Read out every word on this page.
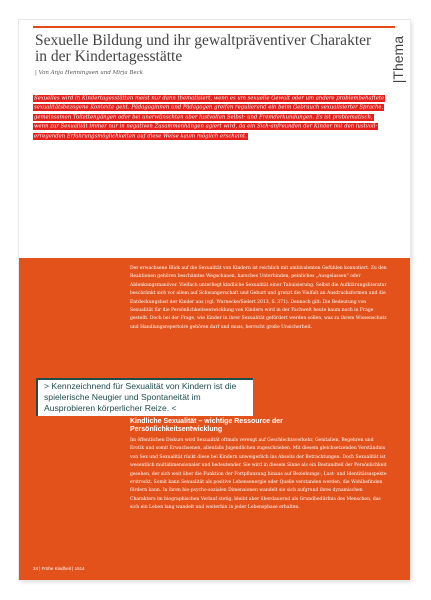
Sexuelle Bildung und ihr gewaltpräventiver Charakter in der Kindertagesstätte
| Von Anja Henningsen und Mirja Beck	|Thema

Sexuelles wird in Kindertagesstätten meist nur dann thematisiert, wenn es um sexuelle Gewalt oder um andere problembehaftete sexualitätsbezogene Kontexte geht. Pädagoginnen und Pädagogen greifen regulierend ein beim Gebrauch sexualisierter Sprache, gemeinsamen Toilettengängen oder bei unerwünschten aber lustvollen Selbst- und Fremderkundungen. Es ist problematisch, wenn zur Sexualität immer nur in negativen Zusammenhängen agiert wird, da ein Sich-anfreunden der Kinder mit den lustvoll-erregenden Erfahrungsmöglichkeiten auf diese Weise kaum möglich erscheint.

Der erwachsene Blick auf die Sexualität von Kindern ist reichlich mit ambivalenten Gefühlen konnotiert. Zu den Reaktionen gehören beschämtes Wegschauen, harsches Unterbinden, peinliches „Ausgelassen“ oder Ablenkungsmanöver. Vielfach unterliegt kindliche Sexualität einer Tabuisierung. Selbst die Aufklärungsliteratur beschränkt sich vor allem auf Schwangerschaft und Geburt und grenzt die Vielfalt an Ausdrucksformen und die Entdeckungslust der Kinder aus (vgl. Warnecke/Sielert 2013, S. 371). Dennoch gilt: Die Bedeutung von Sexualität für die Persönlichkeitsentwicklung von Kindern wird in der Fachwelt heute kaum noch in Frage gestellt. Doch bei der Frage, wie Kinder in ihrer Sexualität gefördert werden sollen, was zu ihrem Wissenschatz und Handlungsrepertoire gehören darf und muss, herrscht große Unsicherheit.

> Kennzeichnend für Sexualität von Kindern ist die spielerische Neugier und Spontaneität im Ausprobieren körperlicher Reize. <

Kindliche Sexualität – wichtige Ressource der Persönlichkeitsentwicklung

Im öffentlichen Diskurs wird Sexualität oftmals verengt auf Geschlechtsverkehr, Genitalien, Begehren und Erotik und somit Erwachsenen, allenfalls Jugendlichen zugeschrieben. Mit diesem gleichsetzenden Verständnis von Sex und Sexualität rückt diese bei Kindern unweigerlich ins Abseits der Betrachtungen. Doch Sexualität ist wesentlich multidimensionaler und bedeutender. Sie wird in diesem Sinne als ein Bestandteil der Persönlichkeit gesehen, der sich weit über die Funktion der Fortpflanzung hinaus auf Beziehungs-, Lust- und Identitätsaspekte erstreckt. Somit kann Sexualität als positive Lebensenergie oder Quelle verstanden werden, die Wohlbefinden fördern kann. In ihren bio-psycho-sozialen Dimensionen wandelt sie sich aufgrund ihres dynamischen Charakters im biographischen Verlauf stetig, bleibt aber überdauernd als Grundbedürfnis des Menschen, das sich ein Leben lang wandelt und weiterhin in jeder Lebensphase erhalten.

24 | Frühe Kindheit | 1514
